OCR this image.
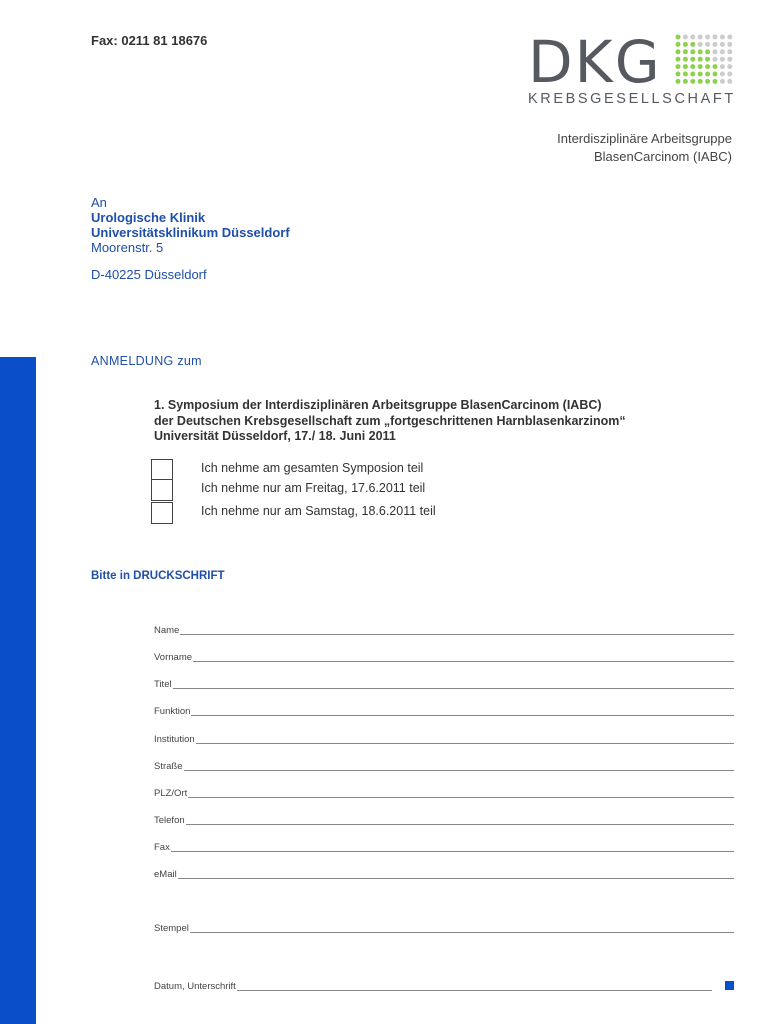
Fax: 0211 81 18676	DKG
KREBSGESELLSCHAFT
Interdisziplinäre Arbeitsgruppe
BlasenCarcinom (IABC)
An
Urologische Klinik
Universitätsklinikum Düsseldorf
Moorenstr. 5
D-40225 Düsseldorf
ANMELDUNG zum
1. Symposium der Interdisziplinären Arbeitsgruppe BlasenCarcinom (IABC)
der Deutschen Krebsgesellschaft zum „fortgeschrittenen Harnblasenkarzinom“
Universität Düsseldorf, 17./ 18. Juni 2011
Ich nehme am gesamten Symposion teil
Ich nehme nur am Freitag, 17.6.2011 teil
Ich nehme nur am Samstag, 18.6.2011 teil
Bitte in DRUCKSCHRIFT
Name
Vorname
Titel
Funktion
Institution
Straße
PLZ/Ort
Telefon
Fax
eMail
Stempel
Datum, Unterschrift
